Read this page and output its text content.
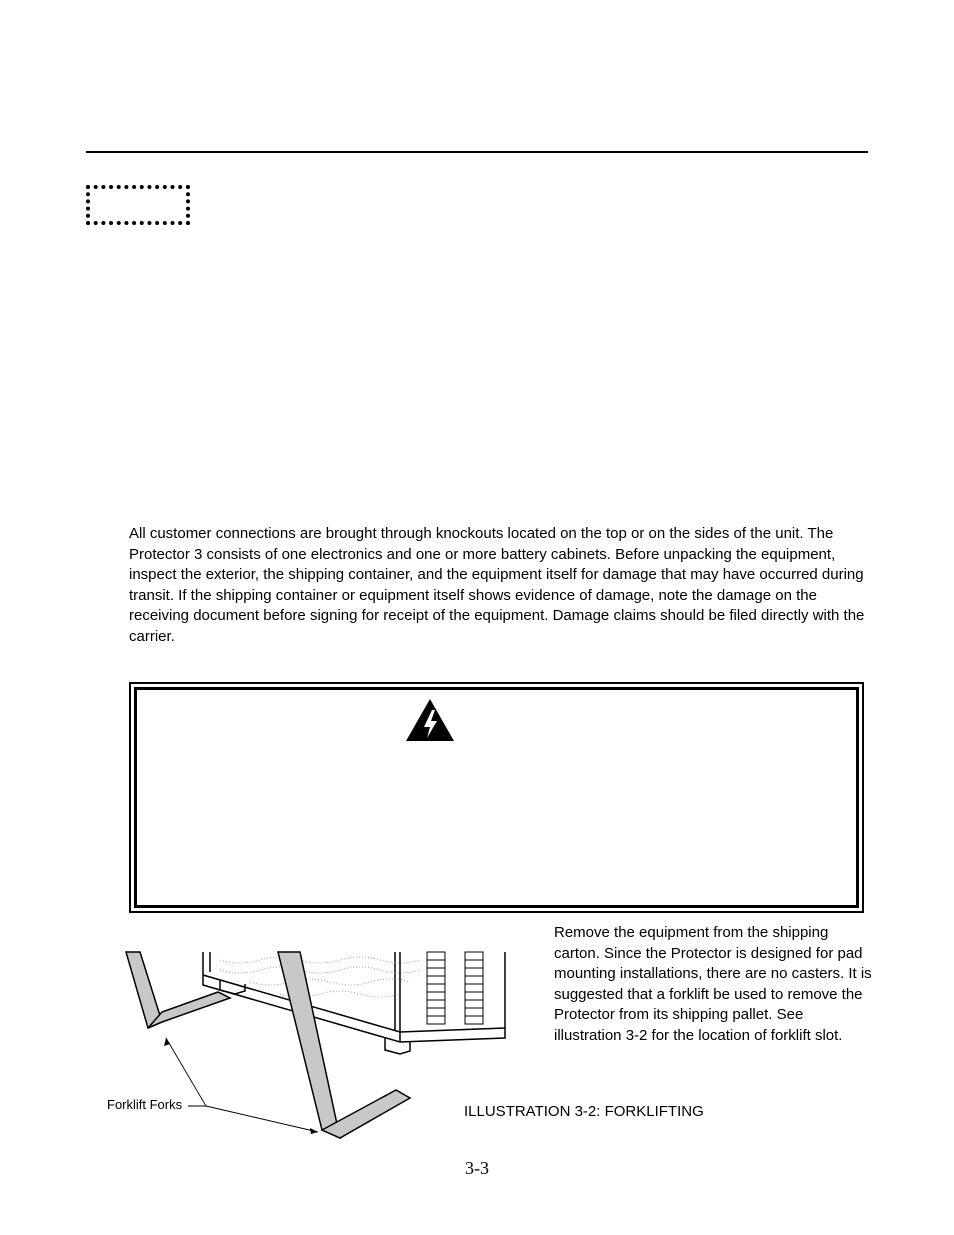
All customer connections are brought through knockouts located on the top or on the sides of the unit. The Protector 3 consists of one electronics and one or more battery cabinets. Before unpacking the equipment, inspect the exterior, the shipping container, and the equipment itself for damage that may have occurred during transit. If the shipping container or equipment itself shows evidence of damage, note the damage on the receiving document before signing for receipt of the equipment. Damage claims should be filed directly with the carrier.

Forklift Forks

Remove the equipment from the shipping carton. Since the Protector is designed for pad mounting installations, there are no casters. It is suggested that a forklift be used to remove the Protector from its shipping pallet. See illustration 3-2 for the location of forklift slot.

ILLUSTRATION 3-2: FORKLIFTING
3-3
